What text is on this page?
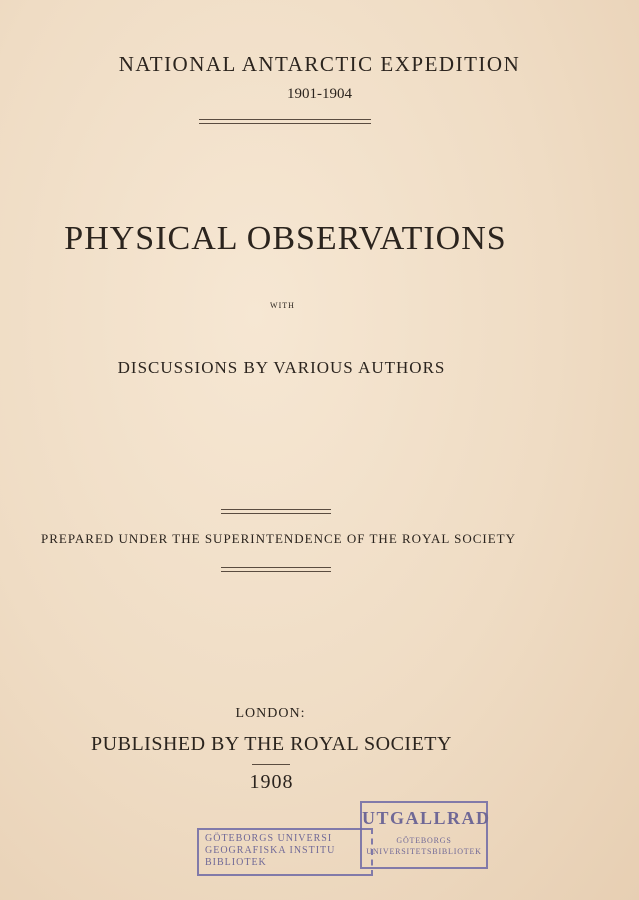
NATIONAL ANTARCTIC EXPEDITION
1901-1904
PHYSICAL OBSERVATIONS
WITH
DISCUSSIONS BY VARIOUS AUTHORS
PREPARED UNDER THE SUPERINTENDENCE OF THE ROYAL SOCIETY
LONDON:
PUBLISHED BY THE ROYAL SOCIETY
1908
GÖTEBORGS UNIVERSI
GEOGRAFISKA INSTITU
BIBLIOTEK
UTGALLRAD
GÖTEBORGS
UNIVERSITETSBIBLIOTEK
